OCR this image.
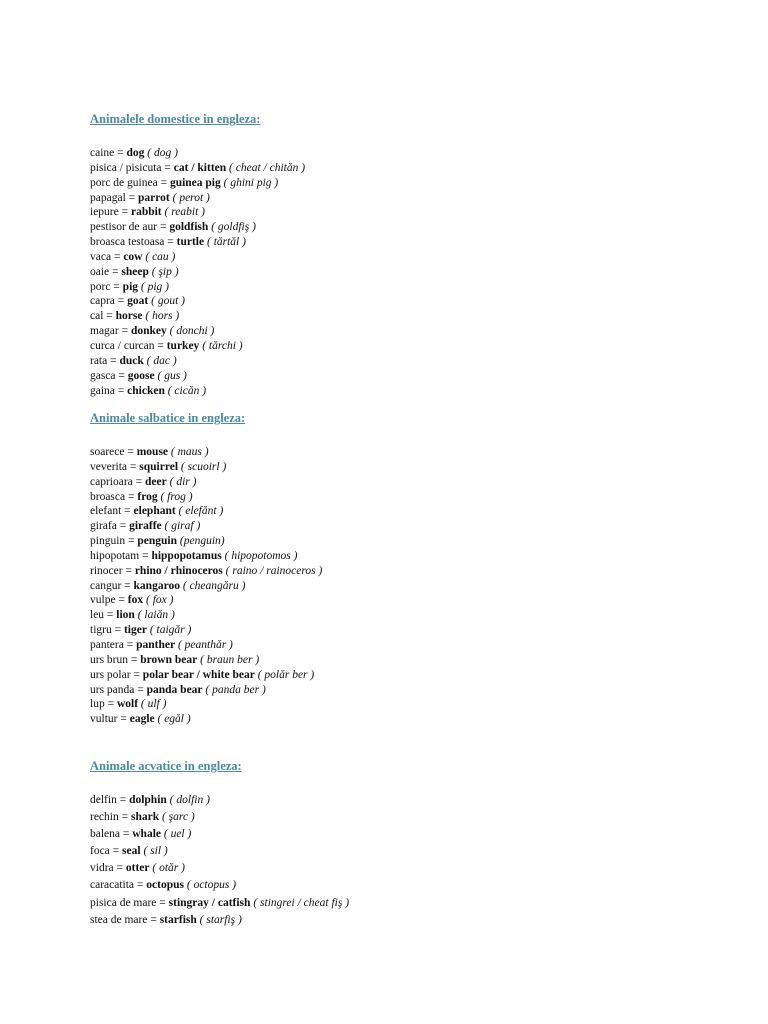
Animalele domestice in engleza:
caine = dog ( dog )
pisica / pisicuta = cat / kitten ( cheat / chităn )
porc de guinea = guinea pig ( ghini pig )
papagal = parrot ( perot )
iepure = rabbit ( reabit )
pestisor de aur = goldfish ( goldfiş )
broasca testoasa = turtle ( tărtăl )
vaca = cow ( cau )
oaie = sheep ( şip )
porc = pig ( pig )
capra = goat ( gout )
cal = horse ( hors )
magar = donkey ( donchi )
curca / curcan = turkey ( tărchi )
rata = duck ( dac )
gasca = goose ( gus )
gaina = chicken ( cicăn )
Animale salbatice in engleza:
soarece = mouse ( maus )
veverita = squirrel ( scuoirl )
caprioara = deer ( dir )
broasca = frog ( frog )
elefant = elephant ( elefănt )
girafa = giraffe ( giraf )
pinguin = penguin (penguin)
hipopotam = hippopotamus ( hipopotomos )
rinocer = rhino / rhinoceros ( raino / rainoceros )
cangur = kangaroo ( cheangăru )
vulpe = fox ( fox )
leu = lion ( laiăn )
tigru = tiger ( taigăr )
pantera = panther ( peanthăr )
urs brun = brown bear ( braun ber )
urs polar = polar bear / white bear ( polăr ber )
urs panda = panda bear ( panda ber )
lup = wolf ( ulf )
vultur = eagle ( egăl )
Animale acvatice in engleza:
delfin = dolphin ( dolfin )
rechin = shark ( şarc )
balena = whale ( uel )
foca = seal ( sil )
vidra = otter ( otăr )
caracatita = octopus ( octopus )
pisica de mare = stingray / catfish ( stingrei / cheat fiş )
stea de mare = starfish ( starfiş )
